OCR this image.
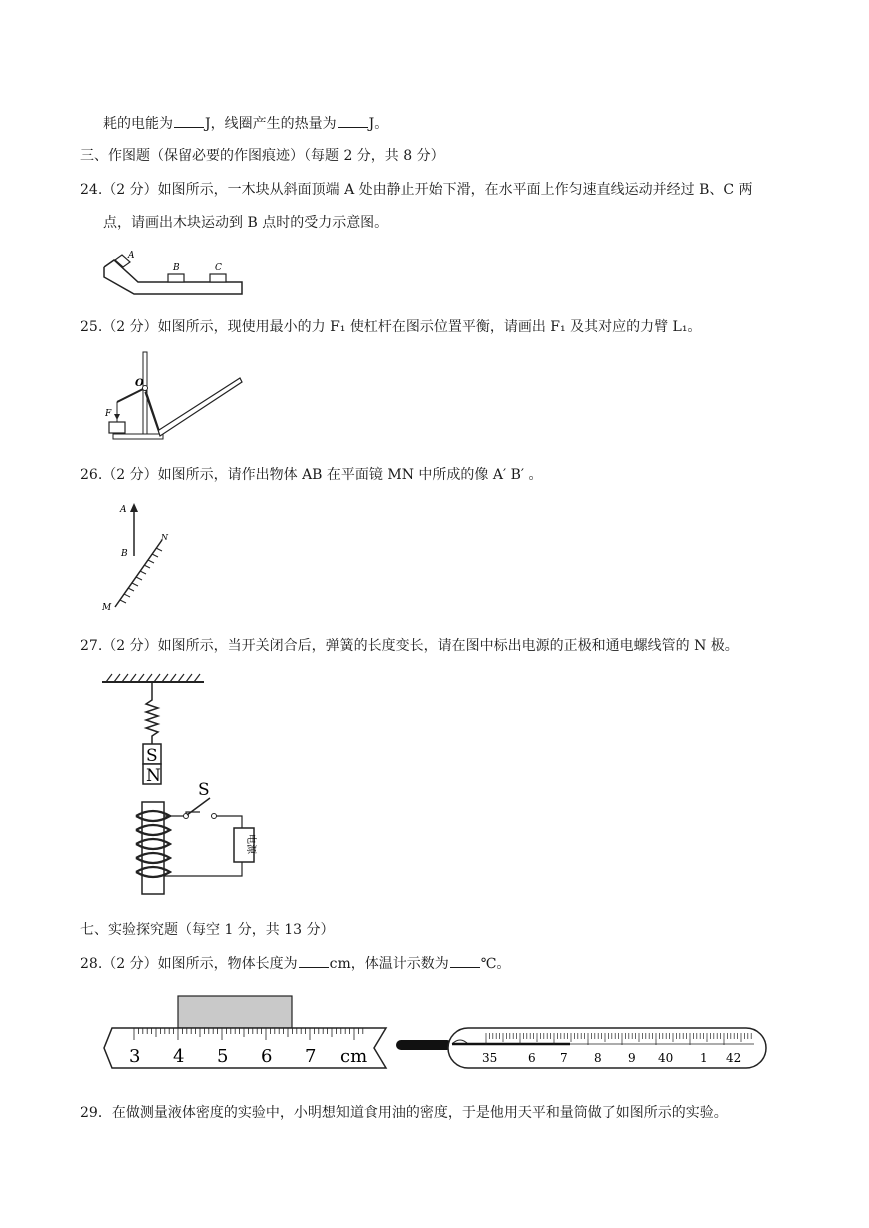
耗的电能为 J，线圈产生的热量为 J。
三、作图题（保留必要的作图痕迹）（每题 2 分，共 8 分）
24.（2 分）如图所示，一木块从斜面顶端 A 处由静止开始下滑，在水平面上作匀速直线运动并经过 B、C 两
点，请画出木块运动到 B 点时的受力示意图。
A
B	C
25.（2 分）如图所示，现使用最小的力 F₁ 使杠杆在图示位置平衡，请画出 F₁ 及其对应的力臂 L₁。
O
F
26.（2 分）如图所示，请作出物体 AB 在平面镜 MN 中所成的像 A′ B′ 。
A
B
N
M
27.（2 分）如图所示，当开关闭合后，弹簧的长度变长，请在图中标出电源的正极和通电螺线管的 N 极。
S
N
S
电源
七、实验探究题（每空 1 分，共 13 分）
28.（2 分）如图所示，物体长度为 cm，体温计示数为 ℃。
3 4 5 6 7 cm	35	6 7 8 9 40 1 42
29．在做测量液体密度的实验中，小明想知道食用油的密度，于是他用天平和量筒做了如图所示的实验。
